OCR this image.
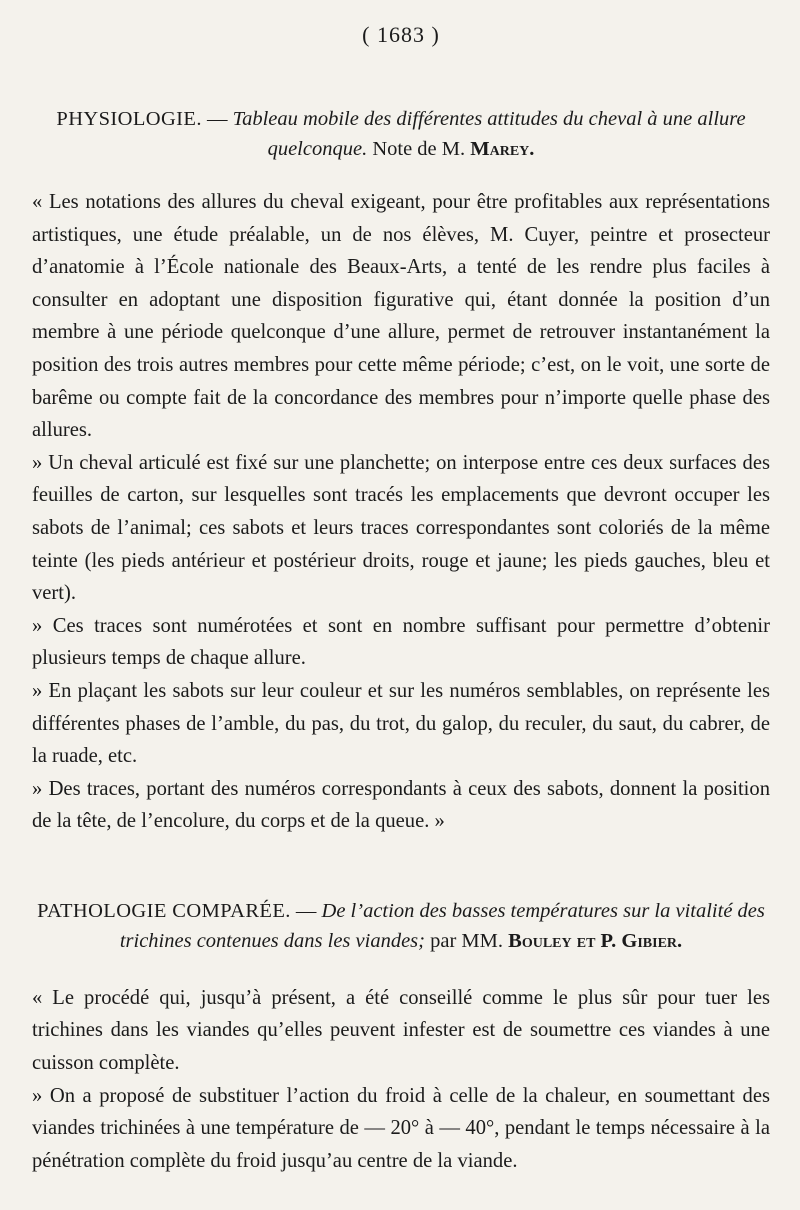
( 1683 )
PHYSIOLOGIE. — Tableau mobile des différentes attitudes du cheval à une allure quelconque. Note de M. Marey.

« Les notations des allures du cheval exigeant, pour être profitables aux représentations artistiques, une étude préalable, un de nos élèves, M. Cuyer, peintre et prosecteur d’anatomie à l’École nationale des Beaux-Arts, a tenté de les rendre plus faciles à consulter en adoptant une disposition figurative qui, étant donnée la position d’un membre à une période quelconque d’une allure, permet de retrouver instantanément la position des trois autres membres pour cette même période; c’est, on le voit, une sorte de barême ou compte fait de la concordance des membres pour n’importe quelle phase des allures.

» Un cheval articulé est fixé sur une planchette; on interpose entre ces deux surfaces des feuilles de carton, sur lesquelles sont tracés les emplacements que devront occuper les sabots de l’animal; ces sabots et leurs traces correspondantes sont coloriés de la même teinte (les pieds antérieur et postérieur droits, rouge et jaune; les pieds gauches, bleu et vert).

» Ces traces sont numérotées et sont en nombre suffisant pour permettre d’obtenir plusieurs temps de chaque allure.

» En plaçant les sabots sur leur couleur et sur les numéros semblables, on représente les différentes phases de l’amble, du pas, du trot, du galop, du reculer, du saut, du cabrer, de la ruade, etc.

» Des traces, portant des numéros correspondants à ceux des sabots, donnent la position de la tête, de l’encolure, du corps et de la queue. »

PATHOLOGIE COMPARÉE. — De l’action des basses températures sur la vitalité des trichines contenues dans les viandes; par MM. Bouley et P. Gibier.

« Le procédé qui, jusqu’à présent, a été conseillé comme le plus sûr pour tuer les trichines dans les viandes qu’elles peuvent infester est de soumettre ces viandes à une cuisson complète.

» On a proposé de substituer l’action du froid à celle de la chaleur, en soumettant des viandes trichinées à une température de — 20° à — 40°, pendant le temps nécessaire à la pénétration complète du froid jusqu’au centre de la viande.
